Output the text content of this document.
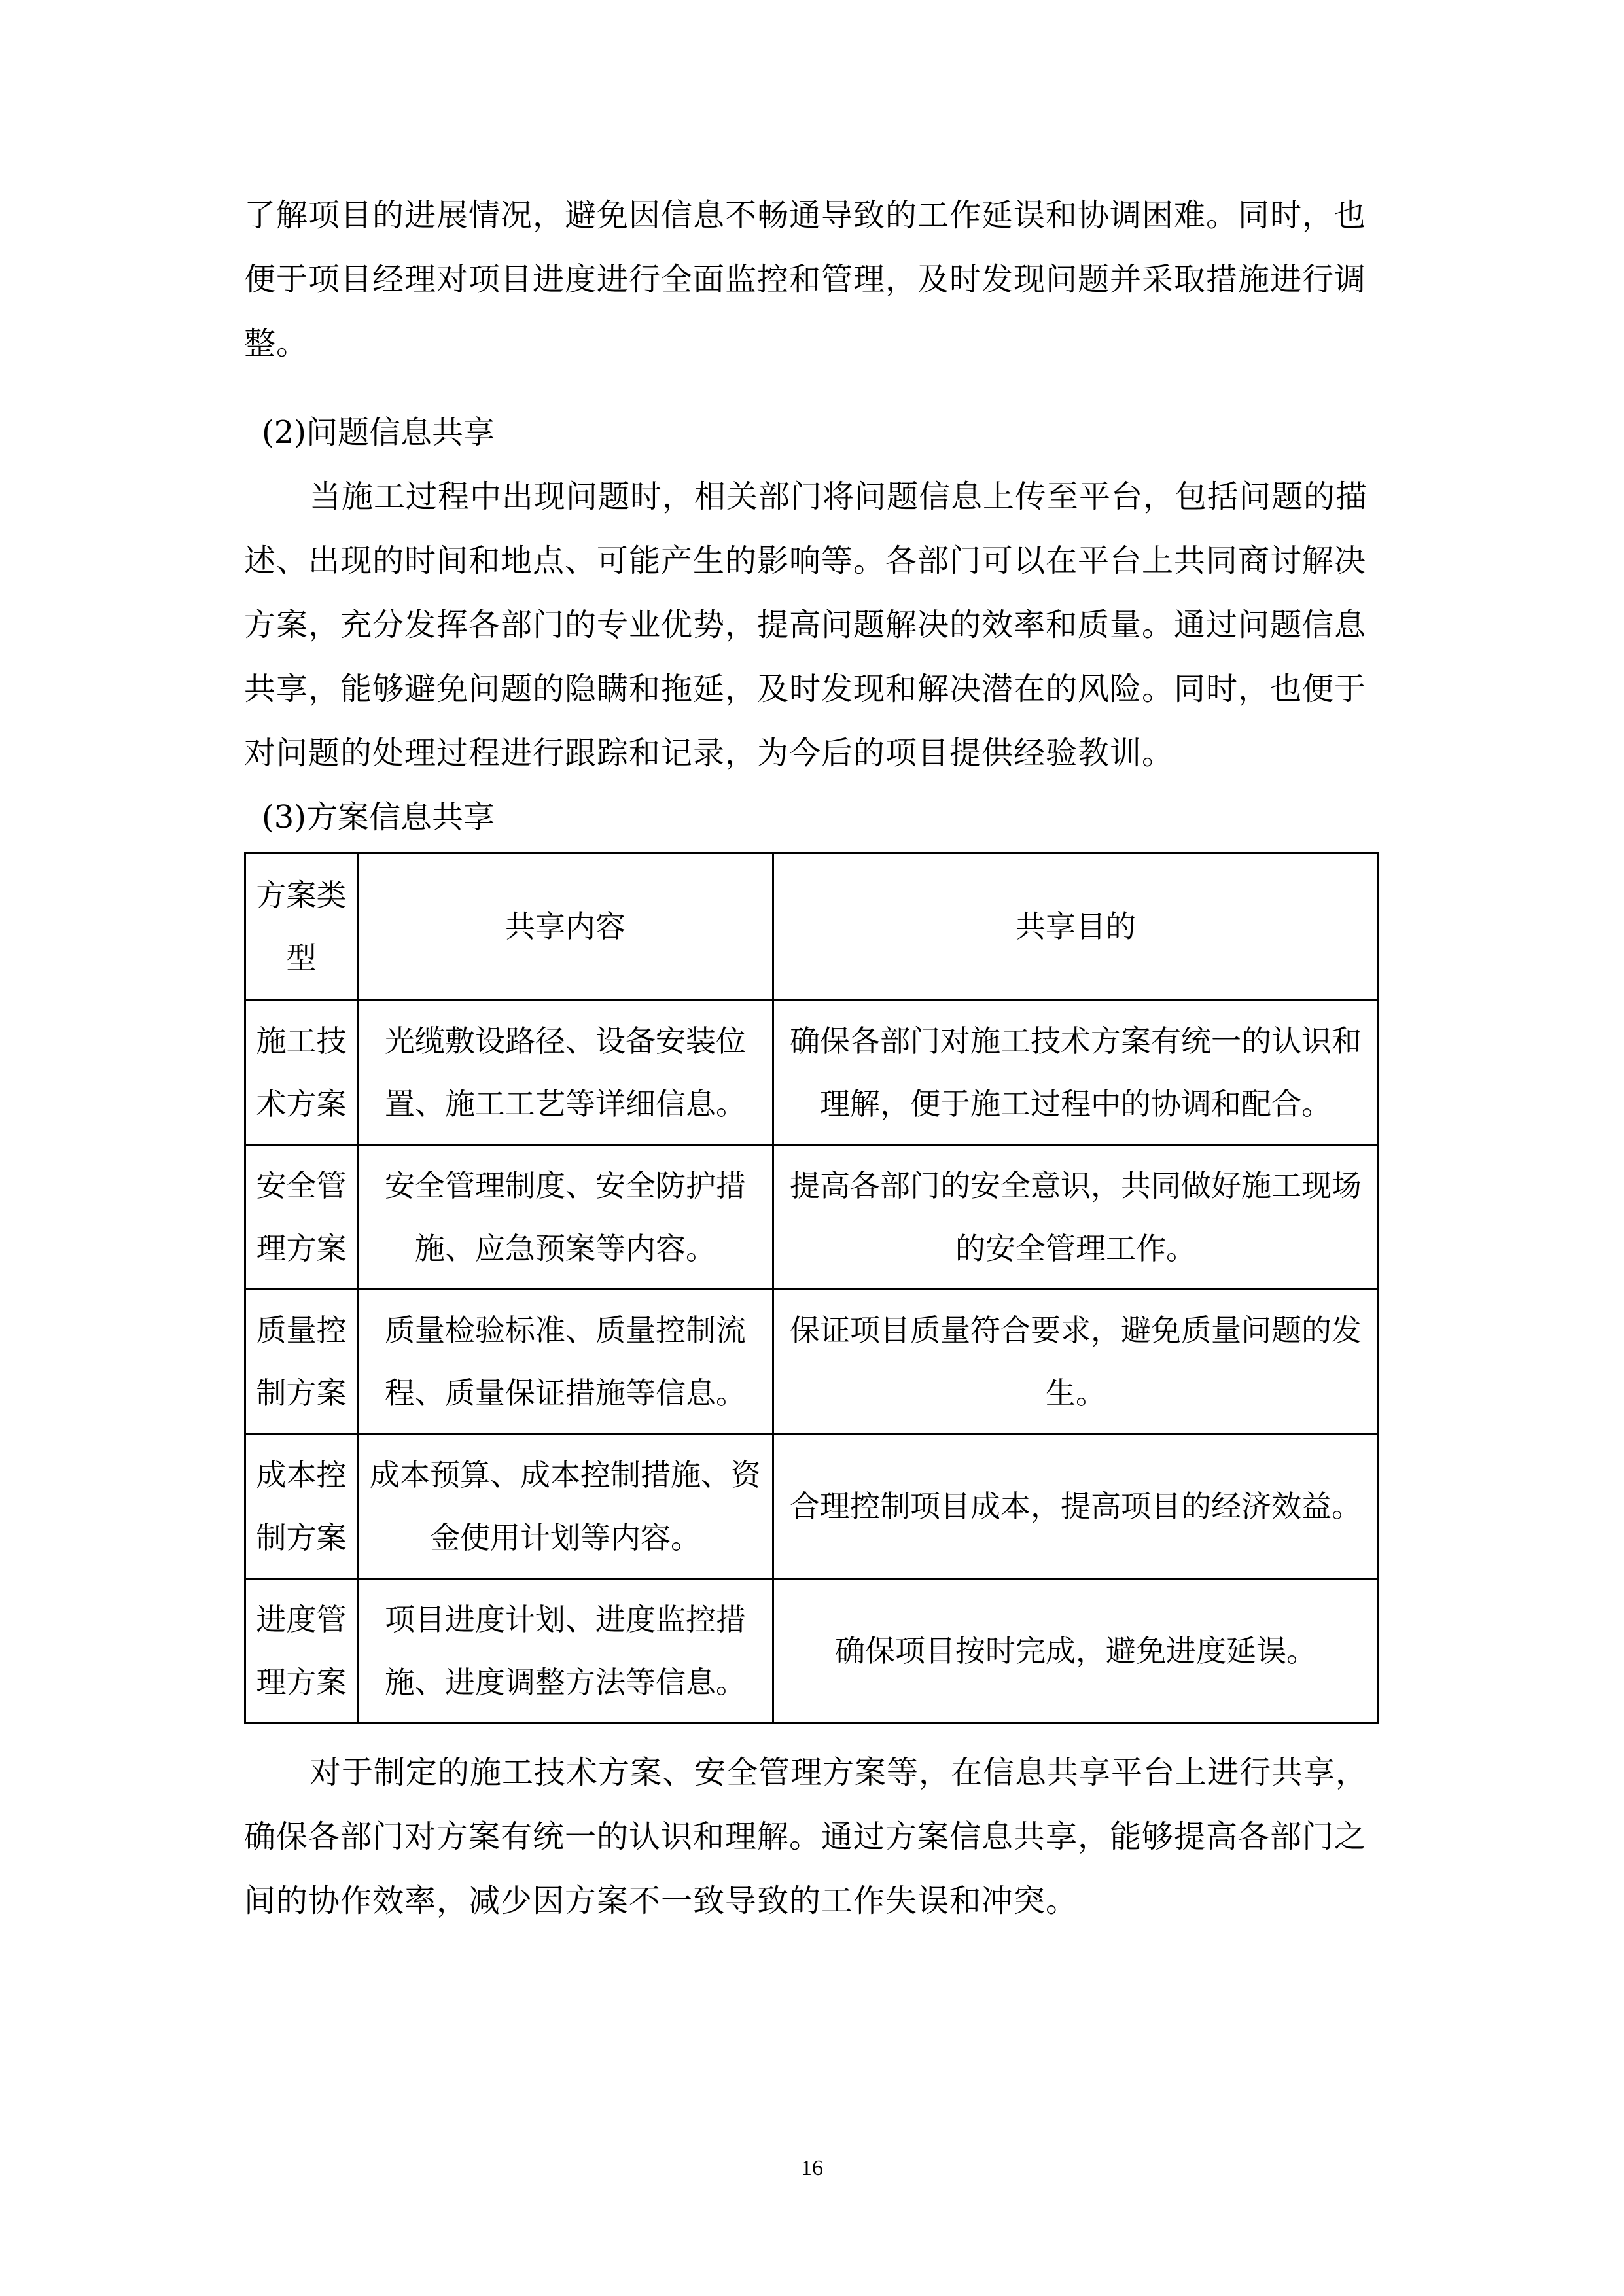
了解项目的进展情况，避免因信息不畅通导致的工作延误和协调困难。同时，也便于项目经理对项目进度进行全面监控和管理，及时发现问题并采取措施进行调整。

(2)问题信息共享

当施工过程中出现问题时，相关部门将问题信息上传至平台，包括问题的描述、出现的时间和地点、可能产生的影响等。各部门可以在平台上共同商讨解决方案，充分发挥各部门的专业优势，提高问题解决的效率和质量。通过问题信息共享，能够避免问题的隐瞒和拖延，及时发现和解决潜在的风险。同时，也便于对问题的处理过程进行跟踪和记录，为今后的项目提供经验教训。

(3)方案信息共享
方案类型	共享内容	共享目的
施工技术方案	光缆敷设路径、设备安装位置、施工工艺等详细信息。	确保各部门对施工技术方案有统一的认识和理解，便于施工过程中的协调和配合。
安全管理方案	安全管理制度、安全防护措施、应急预案等内容。	提高各部门的安全意识，共同做好施工现场的安全管理工作。
质量控制方案	质量检验标准、质量控制流程、质量保证措施等信息。	保证项目质量符合要求，避免质量问题的发生。
成本控制方案	成本预算、成本控制措施、资金使用计划等内容。	合理控制项目成本，提高项目的经济效益。
进度管理方案	项目进度计划、进度监控措施、进度调整方法等信息。	确保项目按时完成，避免进度延误。

对于制定的施工技术方案、安全管理方案等，在信息共享平台上进行共享，确保各部门对方案有统一的认识和理解。通过方案信息共享，能够提高各部门之间的协作效率，减少因方案不一致导致的工作失误和冲突。

16
